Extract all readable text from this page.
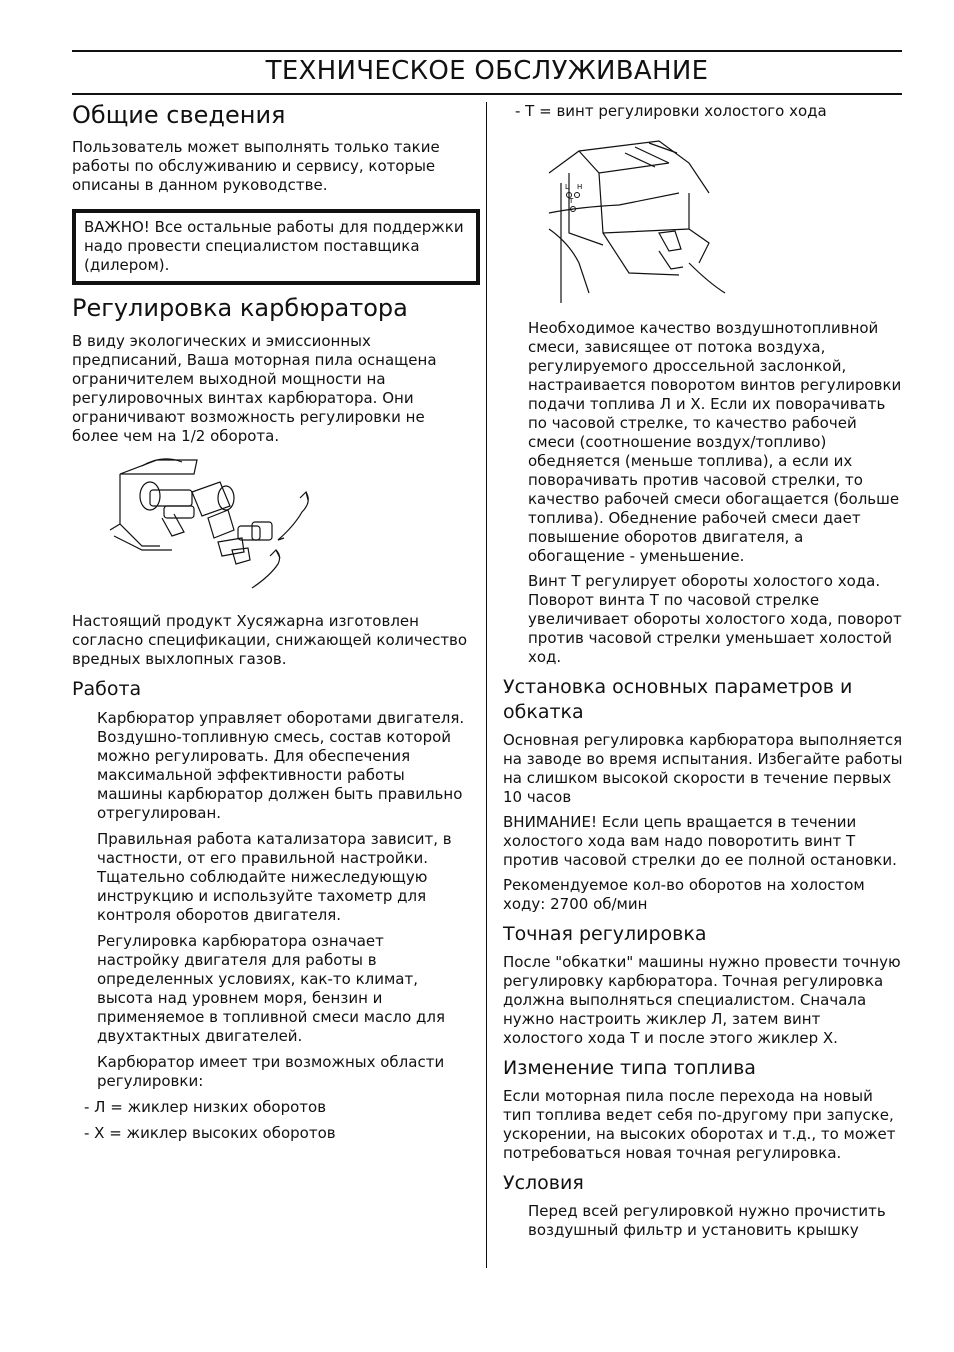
ТЕХНИЧЕСКОЕ ОБСЛУЖИВАНИЕ
Общие сведения

Пользователь может выполнять только такие работы по обслуживанию и сервису, которые описаны в данном руководстве.

ВАЖНО! Все остальные работы для поддержки надо провести специалистом поставщика (дилером).

Регулировка карбюратора

В виду экологических и эмиссионных предписаний, Ваша моторная пила оснащена ограничителем выходной мощности на регулировочных винтах карбюратора. Они ограничивают возможность регулировки не более чем на 1/2 оборота.

Настоящий продукт Хусяжарна изготовлен согласно спецификации, снижающей количество вредных выхлопных газов.

Работа

Карбюратор управляет оборотами двигателя. Воздушно-топливную смесь, состав которой можно регулировать. Для обеспечения максимальной эффективности работы машины карбюратор должен быть правильно отрегулирован.

Правильная работа катализатора зависит, в частности, от его правильной настройки. Тщательно соблюдайте нижеследующую инструкцию и используйте тахометр для контроля оборотов двигателя.

Регулировка карбюратора означает настройку двигателя для работы в определенных условиях, как-то климат, высота над уровнем моря, бензин и применяемое в топливной смеси масло для двухтактных двигателей.

Карбюратор имеет три возможных области регулировки:

- Л = жиклер низких оборотов

- Х = жиклер высоких оборотов

- Т = винт регулировки холостого хода

L H
T

Необходимое качество воздушнотопливной смеси, зависящее от потока воздуха, регулируемого дроссельной заслонкой, настраивается поворотом винтов регулировки подачи топлива Л и Х. Если их поворачивать по часовой стрелке, то качество рабочей смеси (соотношение воздух/топливо) обедняется (меньше топлива), а если их поворачивать против часовой стрелки, то качество рабочей смеси обогащается (больше топлива). Обеднение рабочей смеси дает повышение оборотов двигателя, а обогащение - уменьшение.

Винт Т регулирует обороты холостого хода. Поворот винта Т по часовой стрелке увеличивает обороты холостого хода, поворот против часовой стрелки уменьшает холостой ход.

Установка основных параметров и обкатка

Основная регулировка карбюратора выполняется на заводе во время испытания. Избегайте работы на слишком высокой скорости в течение первых 10 часов

ВНИМАНИЕ! Если цепь вращается в течении холостого хода вам надо поворотить винт Т против часовой стрелки до ее полной остановки.

Рекомендуемое кол-во оборотов на холостом ходу: 2700 об/мин

Точная регулировка

После "обкатки" машины нужно провести точную регулировку карбюратора. Точная регулировка должна выполняться специалистом. Сначала нужно настроить жиклер Л, затем винт холостого хода Т и после этого жиклер Х.

Изменение типа топлива

Если моторная пила после перехода на новый тип топлива ведет себя по-другому при запуске, ускорении, на высоких оборотах и т.д., то может потребоваться новая точная регулировка.

Условия

Перед всей регулировкой нужно прочистить воздушный фильтр и установить крышку
